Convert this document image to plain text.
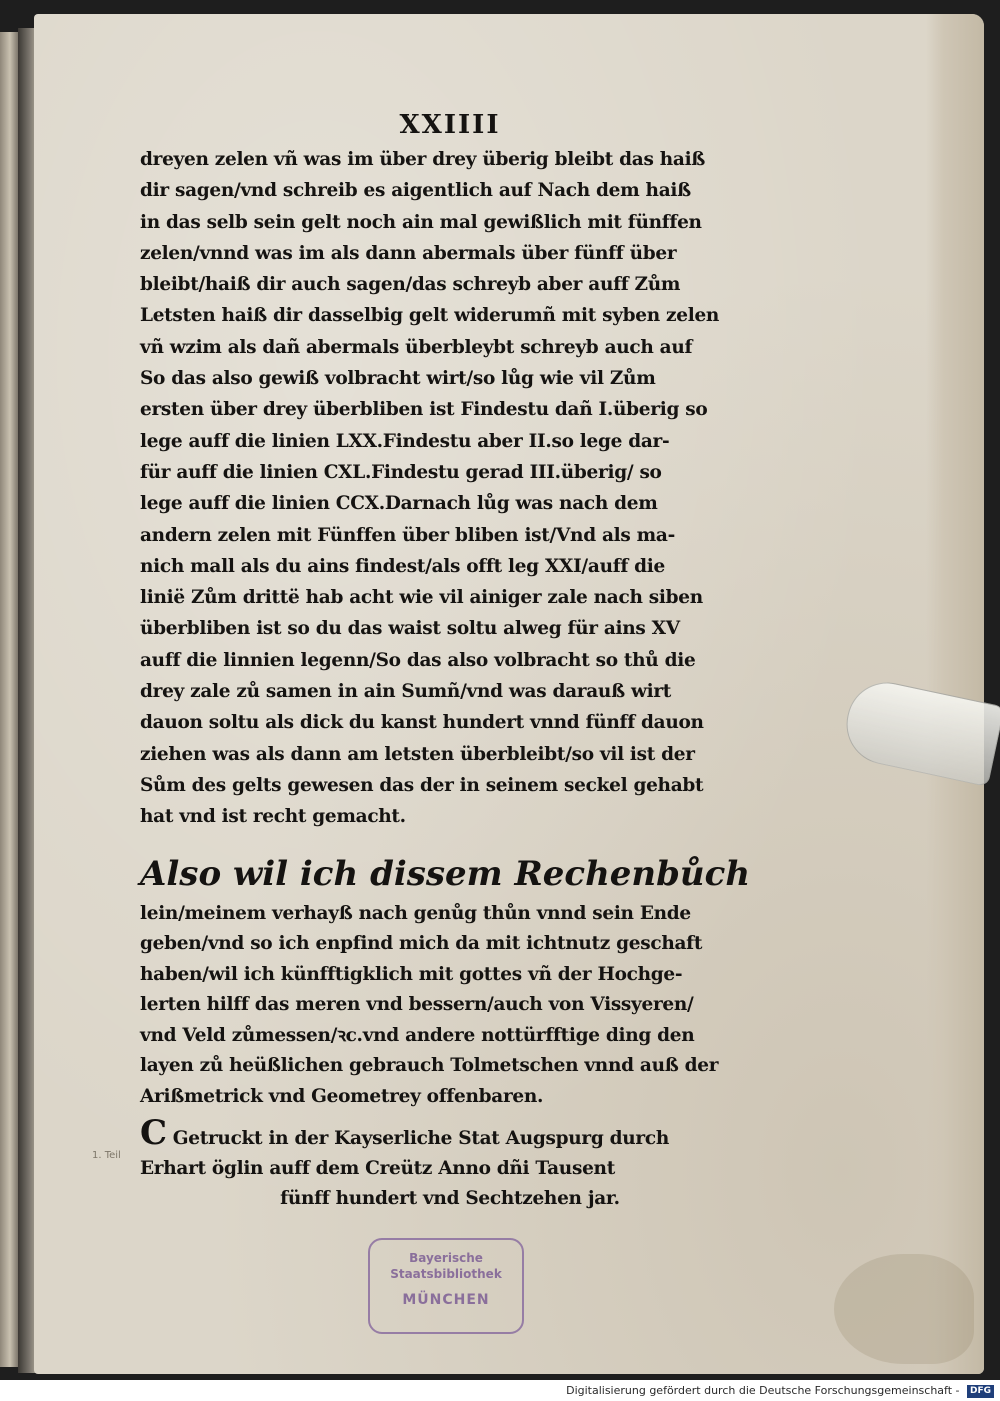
XXIIII
dreyen zelen vñ was im über drey überig bleibt das haiß
dir sagen/vnd schreib es aigentlich auf Nach dem haiß
in das selb sein gelt noch ain mal gewißlich mit fünffen
zelen/vnnd was im als dann abermals über fünff über
bleibt/haiß dir auch sagen/das schreyb aber auff Zům
Letsten haiß dir dasselbig gelt widerumñ mit syben zelen
vñ wzim als dañ abermals überbleybt schreyb auch auf
So das also gewiß volbracht wirt/so lůg wie vil Zům
ersten über drey überbliben ist Findestu dañ I.überig so
lege auff die linien LXX.Findestu aber II.so lege dar-
für auff die linien CXL.Findestu gerad III.überig/ so
lege auff die linien CCX.Darnach lůg was nach dem
andern zelen mit Fünffen über bliben ist/Vnd als ma-
nich mall als du ains findest/als offt leg XXI/auff die
linië Zům drittë hab acht wie vil ainiger zale nach siben
überbliben ist so du das waist soltu alweg für ains XV
auff die linnien legenn/So das also volbracht so thů die
drey zale zů samen in ain Sumñ/vnd was darauß wirt
dauon soltu als dick du kanst hundert vnnd fünff dauon
ziehen was als dann am letsten überbleibt/so vil ist der
Sům des gelts gewesen das der in seinem seckel gehabt
hat vnd ist recht gemacht.
Also wil ich dissem Rechenbůch
lein/meinem verhayß nach genůg thůn vnnd sein Ende
geben/vnd so ich enpfind mich da mit ichtnutz geschaft
haben/wil ich künfftigklich mit gottes vñ der Hochge-
lerten hilff das meren vnd bessern/auch von Vissyeren/
vnd Veld zůmessen/ꝛc.vnd andere nottürfftige ding den
layen zů heüßlichen gebrauch Tolmetschen vnnd auß der
Arißmetrick vnd Geometrey offenbaren.
C Getruckt in der Kayserliche Stat Augspurg durch
Erhart öglin auff dem Creütz Anno dñi Tausent
fünff hundert vnd Sechtzehen jar.
1. Teil
Bayerische
Staatsbibliothek
MÜNCHEN
Digitalisierung gefördert durch die Deutsche Forschungsgemeinschaft - DFG
